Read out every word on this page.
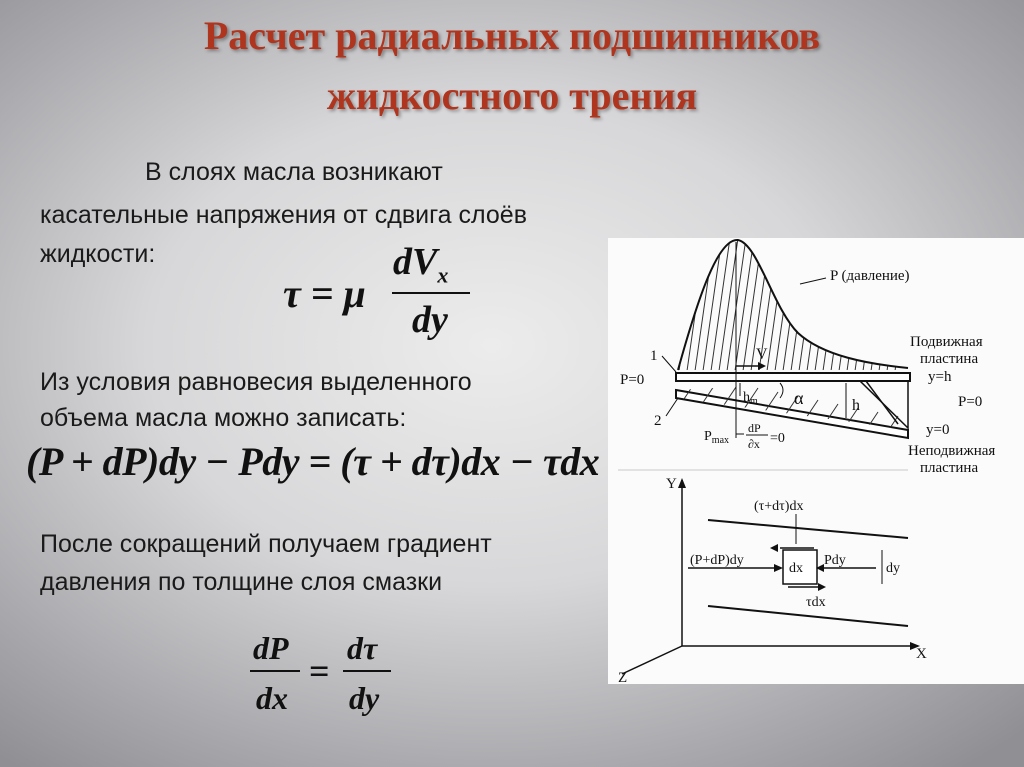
Расчет радиальных подшипников
жидкостного трения
В слоях масла возникают
касательные напряжения от сдвига слоёв
жидкости:
τ = μ
$dV_x$
dy
Из условия равновесия выделенного
объема масла можно записать:
(P + dP)dy − Pdy = (τ + dτ)dx − τdx
После сокращений получаем градиент
давления по толщине слоя смазки
dP
dx
=
dτ
dy
V
$h_m$ α	h
P (давление)
Подвижная
пластина
y=h
P=0
y=0
Неподвижная
пластина
1
P=0
2
$P_{max}$
dP
∂x =0
Y
X
Z
dx
(τ+dτ)dx
(P+dP)dy	Pdy
dy
τdx
